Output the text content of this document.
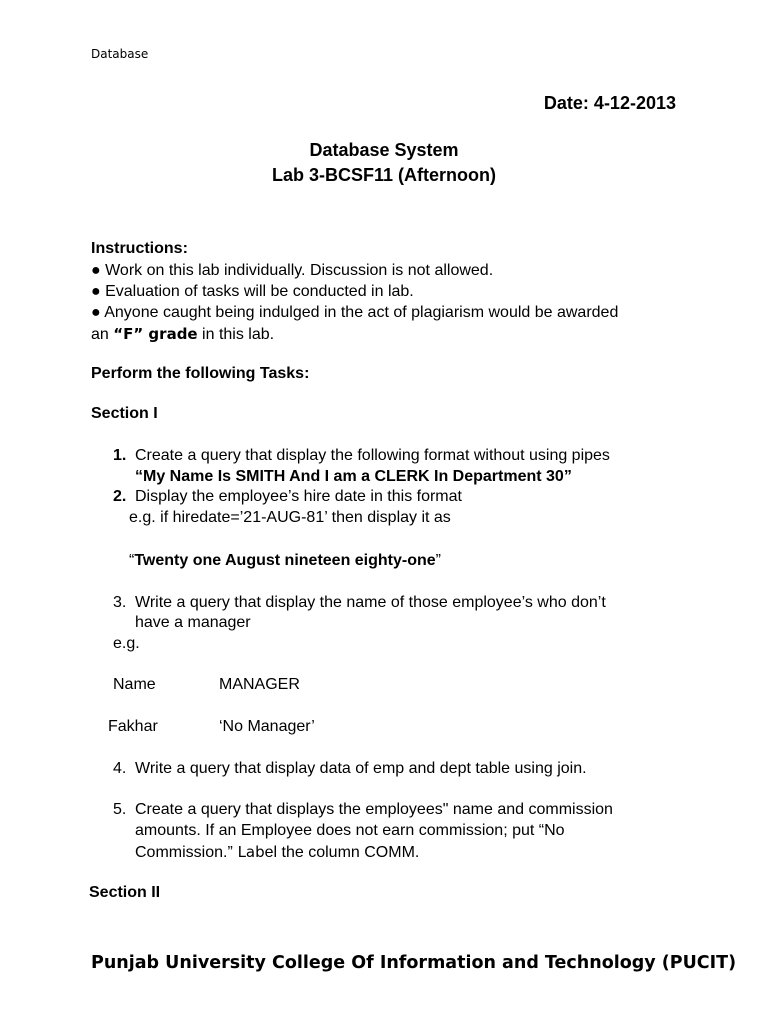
Database
Date: 4-12-2013
Database System
Lab 3-BCSF11 (Afternoon)
Instructions:
● Work on this lab individually. Discussion is not allowed.
● Evaluation of tasks will be conducted in lab.
● Anyone caught being indulged in the act of plagiarism would be awarded
an “F” grade in this lab.
Perform the following Tasks:
Section I
1. Create a query that display the following format without using pipes
“My Name Is SMITH And I am a CLERK In Department 30”
2. Display the employee’s hire date in this format
e.g. if hiredate=’21-AUG-81’ then display it as
“Twenty one August nineteen eighty-one”
3. Write a query that display the name of those employee’s who don’t
have a manager
e.g.
Name	MANAGER
Fakhar	‘No Manager’
4. Write a query that display data of emp and dept table using join.
5. Create a query that displays the employees" name and commission
amounts. If an Employee does not earn commission; put “No
Commission.” Label the column COMM.
Section II
Punjab University College Of Information and Technology (PUCIT)
